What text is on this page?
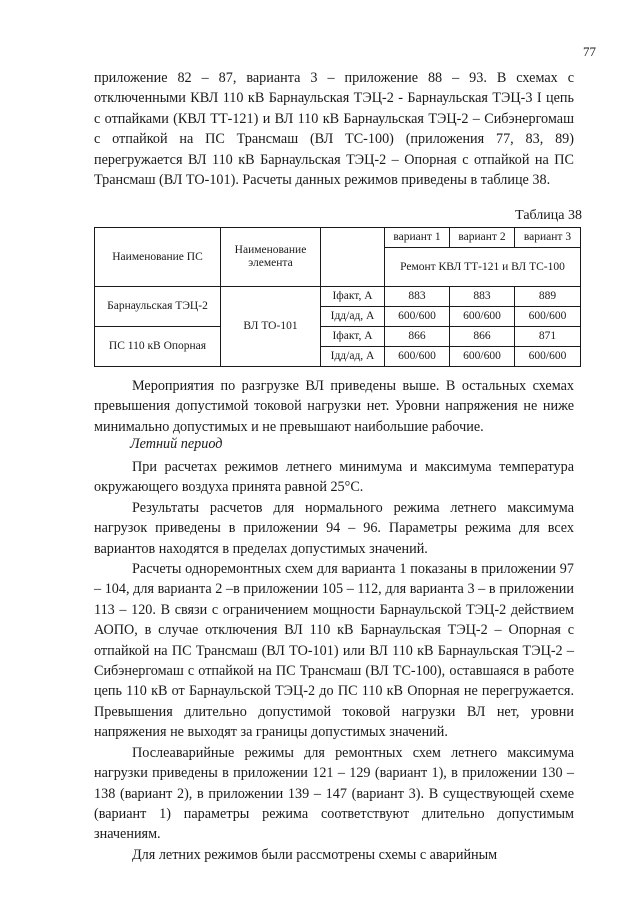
77

приложение 82 – 87, варианта 3 – приложение 88 – 93. В схемах с отключенными КВЛ 110 кВ Барнаульская ТЭЦ-2 - Барнаульская ТЭЦ-3 I цепь с отпайками (КВЛ ТТ-121) и ВЛ 110 кВ Барнаульская ТЭЦ-2 – Сибэнергомаш с отпайкой на ПС Трансмаш (ВЛ ТС-100) (приложения 77, 83, 89) перегружается ВЛ 110 кВ Барнаульская ТЭЦ-2 – Опорная с отпайкой на ПС Трансмаш (ВЛ ТО-101). Расчеты данных режимов приведены в таблице 38.

Таблица 38
Наименование ПС	Наименование элемента		вариант 1	вариант 2	вариант 3
			Ремонт КВЛ ТТ-121 и ВЛ ТС-100		
Барнаульская ТЭЦ-2	ВЛ ТО-101	Iфакт, А	883	883	889
		Iдд/ад, А	600/600	600/600	600/600
ПС 110 кВ Опорная		Iфакт, А	866	866	871
		Iдд/ад, А	600/600	600/600	600/600

Мероприятия по разгрузке ВЛ приведены выше. В остальных схемах превышения допустимой токовой нагрузки нет. Уровни напряжения не ниже минимально допустимых и не превышают наибольшие рабочие.

Летний период

При расчетах режимов летнего минимума и максимума температура окружающего воздуха принята равной 25°С.

Результаты расчетов для нормального режима летнего максимума нагрузок приведены в приложении 94 – 96. Параметры режима для всех вариантов находятся в пределах допустимых значений.

Расчеты одноремонтных схем для варианта 1 показаны в приложении 97 – 104, для варианта 2 –в приложении 105 – 112, для варианта 3 – в приложении 113 – 120. В связи с ограничением мощности Барнаульской ТЭЦ-2 действием АОПО, в случае отключения ВЛ 110 кВ Барнаульская ТЭЦ-2 – Опорная с отпайкой на ПС Трансмаш (ВЛ ТО-101) или ВЛ 110 кВ Барнаульская ТЭЦ-2 – Сибэнергомаш с отпайкой на ПС Трансмаш (ВЛ ТС-100), оставшаяся в работе цепь 110 кВ от Барнаульской ТЭЦ-2 до ПС 110 кВ Опорная не перегружается. Превышения длительно допустимой токовой нагрузки ВЛ нет, уровни напряжения не выходят за границы допустимых значений.

Послеаварийные режимы для ремонтных схем летнего максимума нагрузки приведены в приложении 121 – 129 (вариант 1), в приложении 130 – 138 (вариант 2), в приложении 139 – 147 (вариант 3). В существующей схеме (вариант 1) параметры режима соответствуют длительно допустимым значениям.

Для летних режимов были рассмотрены схемы с аварийным
